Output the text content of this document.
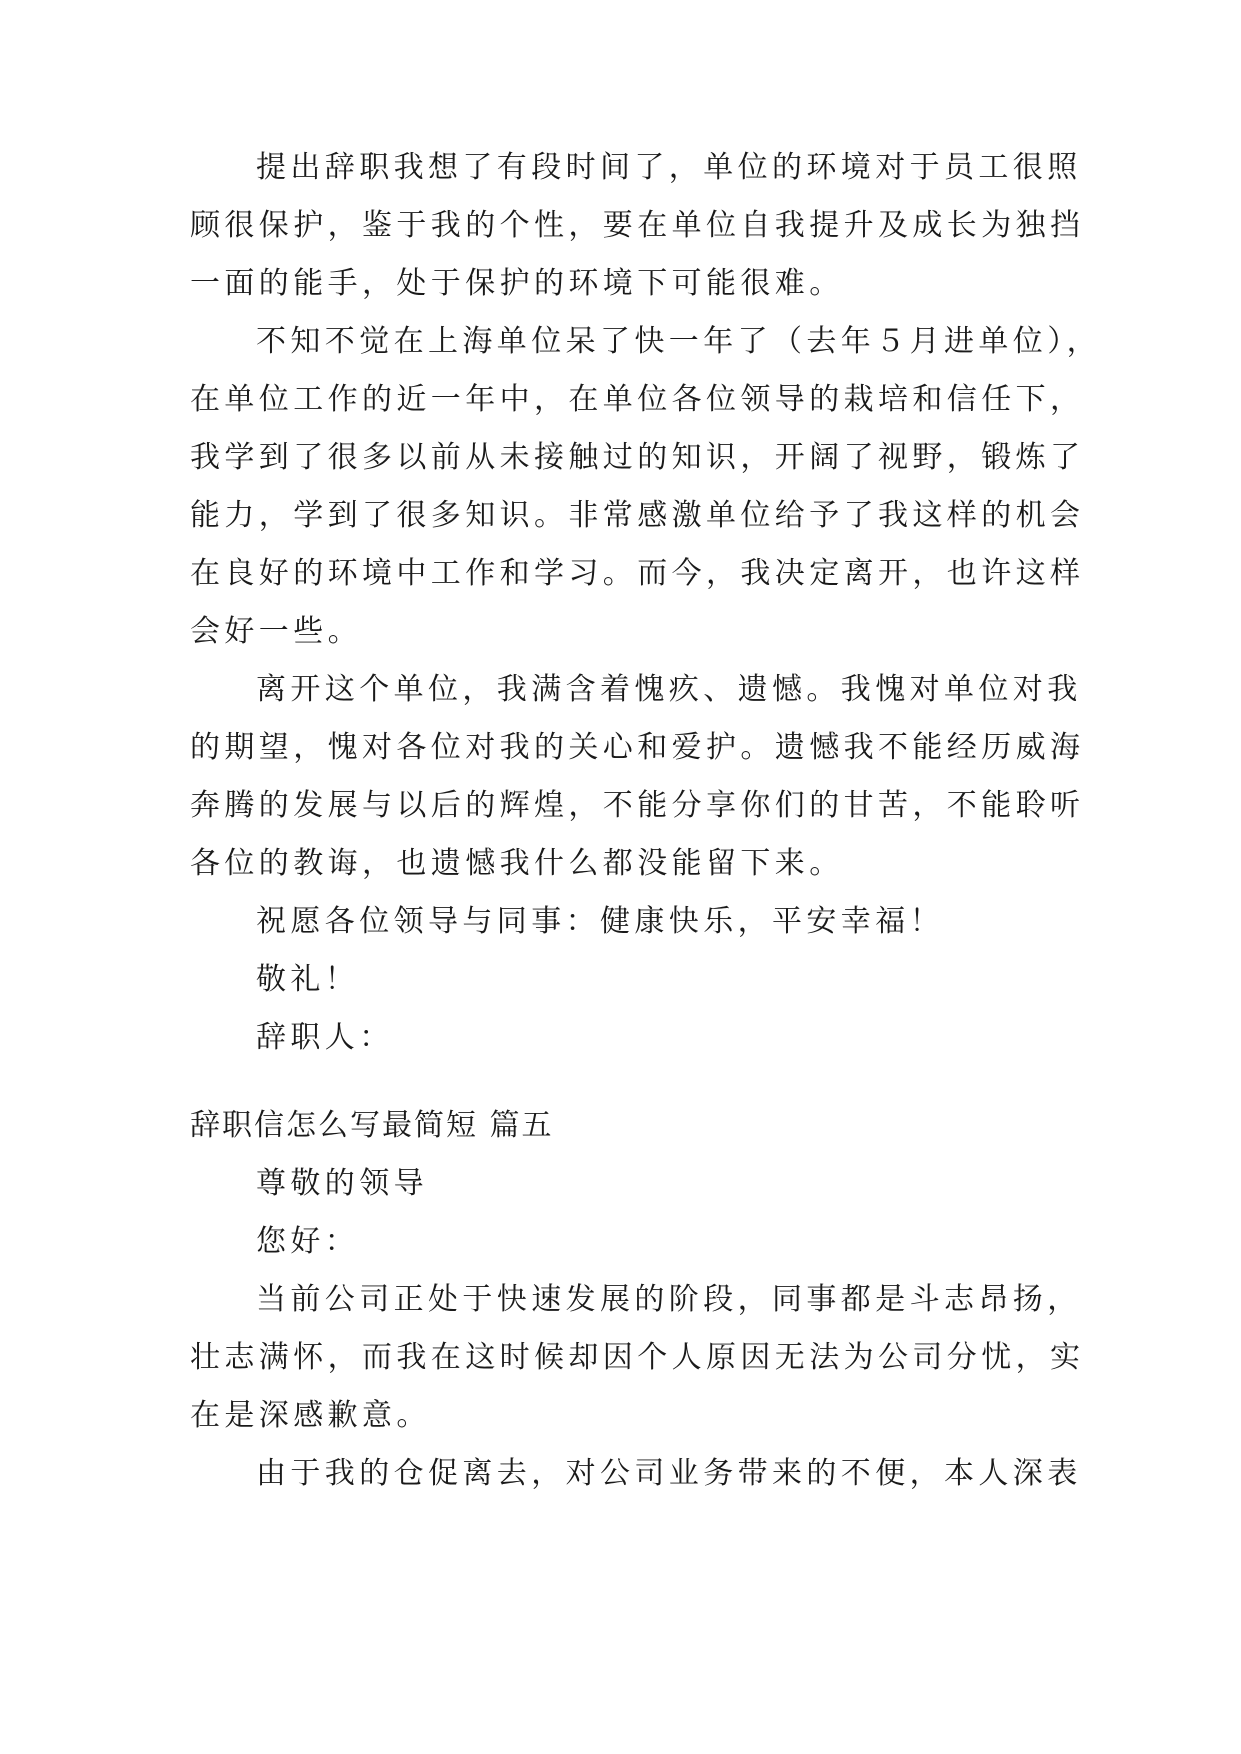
提出辞职我想了有段时间了，单位的环境对于员工很照
顾很保护，鉴于我的个性，要在单位自我提升及成长为独挡
一面的能手，处于保护的环境下可能很难。
不知不觉在上海单位呆了快一年了（去年５月进单位），
在单位工作的近一年中，在单位各位领导的栽培和信任下，
我学到了很多以前从未接触过的知识，开阔了视野，锻炼了
能力，学到了很多知识。非常感激单位给予了我这样的机会
在良好的环境中工作和学习。而今，我决定离开，也许这样
会好一些。
离开这个单位，我满含着愧疚、遗憾。我愧对单位对我
的期望，愧对各位对我的关心和爱护。遗憾我不能经历威海
奔腾的发展与以后的辉煌，不能分享你们的甘苦，不能聆听
各位的教诲，也遗憾我什么都没能留下来。
祝愿各位领导与同事：健康快乐，平安幸福！
敬礼！
辞职人：
辞职信怎么写最简短 篇五
尊敬的领导
您好：
当前公司正处于快速发展的阶段，同事都是斗志昂扬，
壮志满怀，而我在这时候却因个人原因无法为公司分忧，实
在是深感歉意。
由于我的仓促离去，对公司业务带来的不便，本人深表
